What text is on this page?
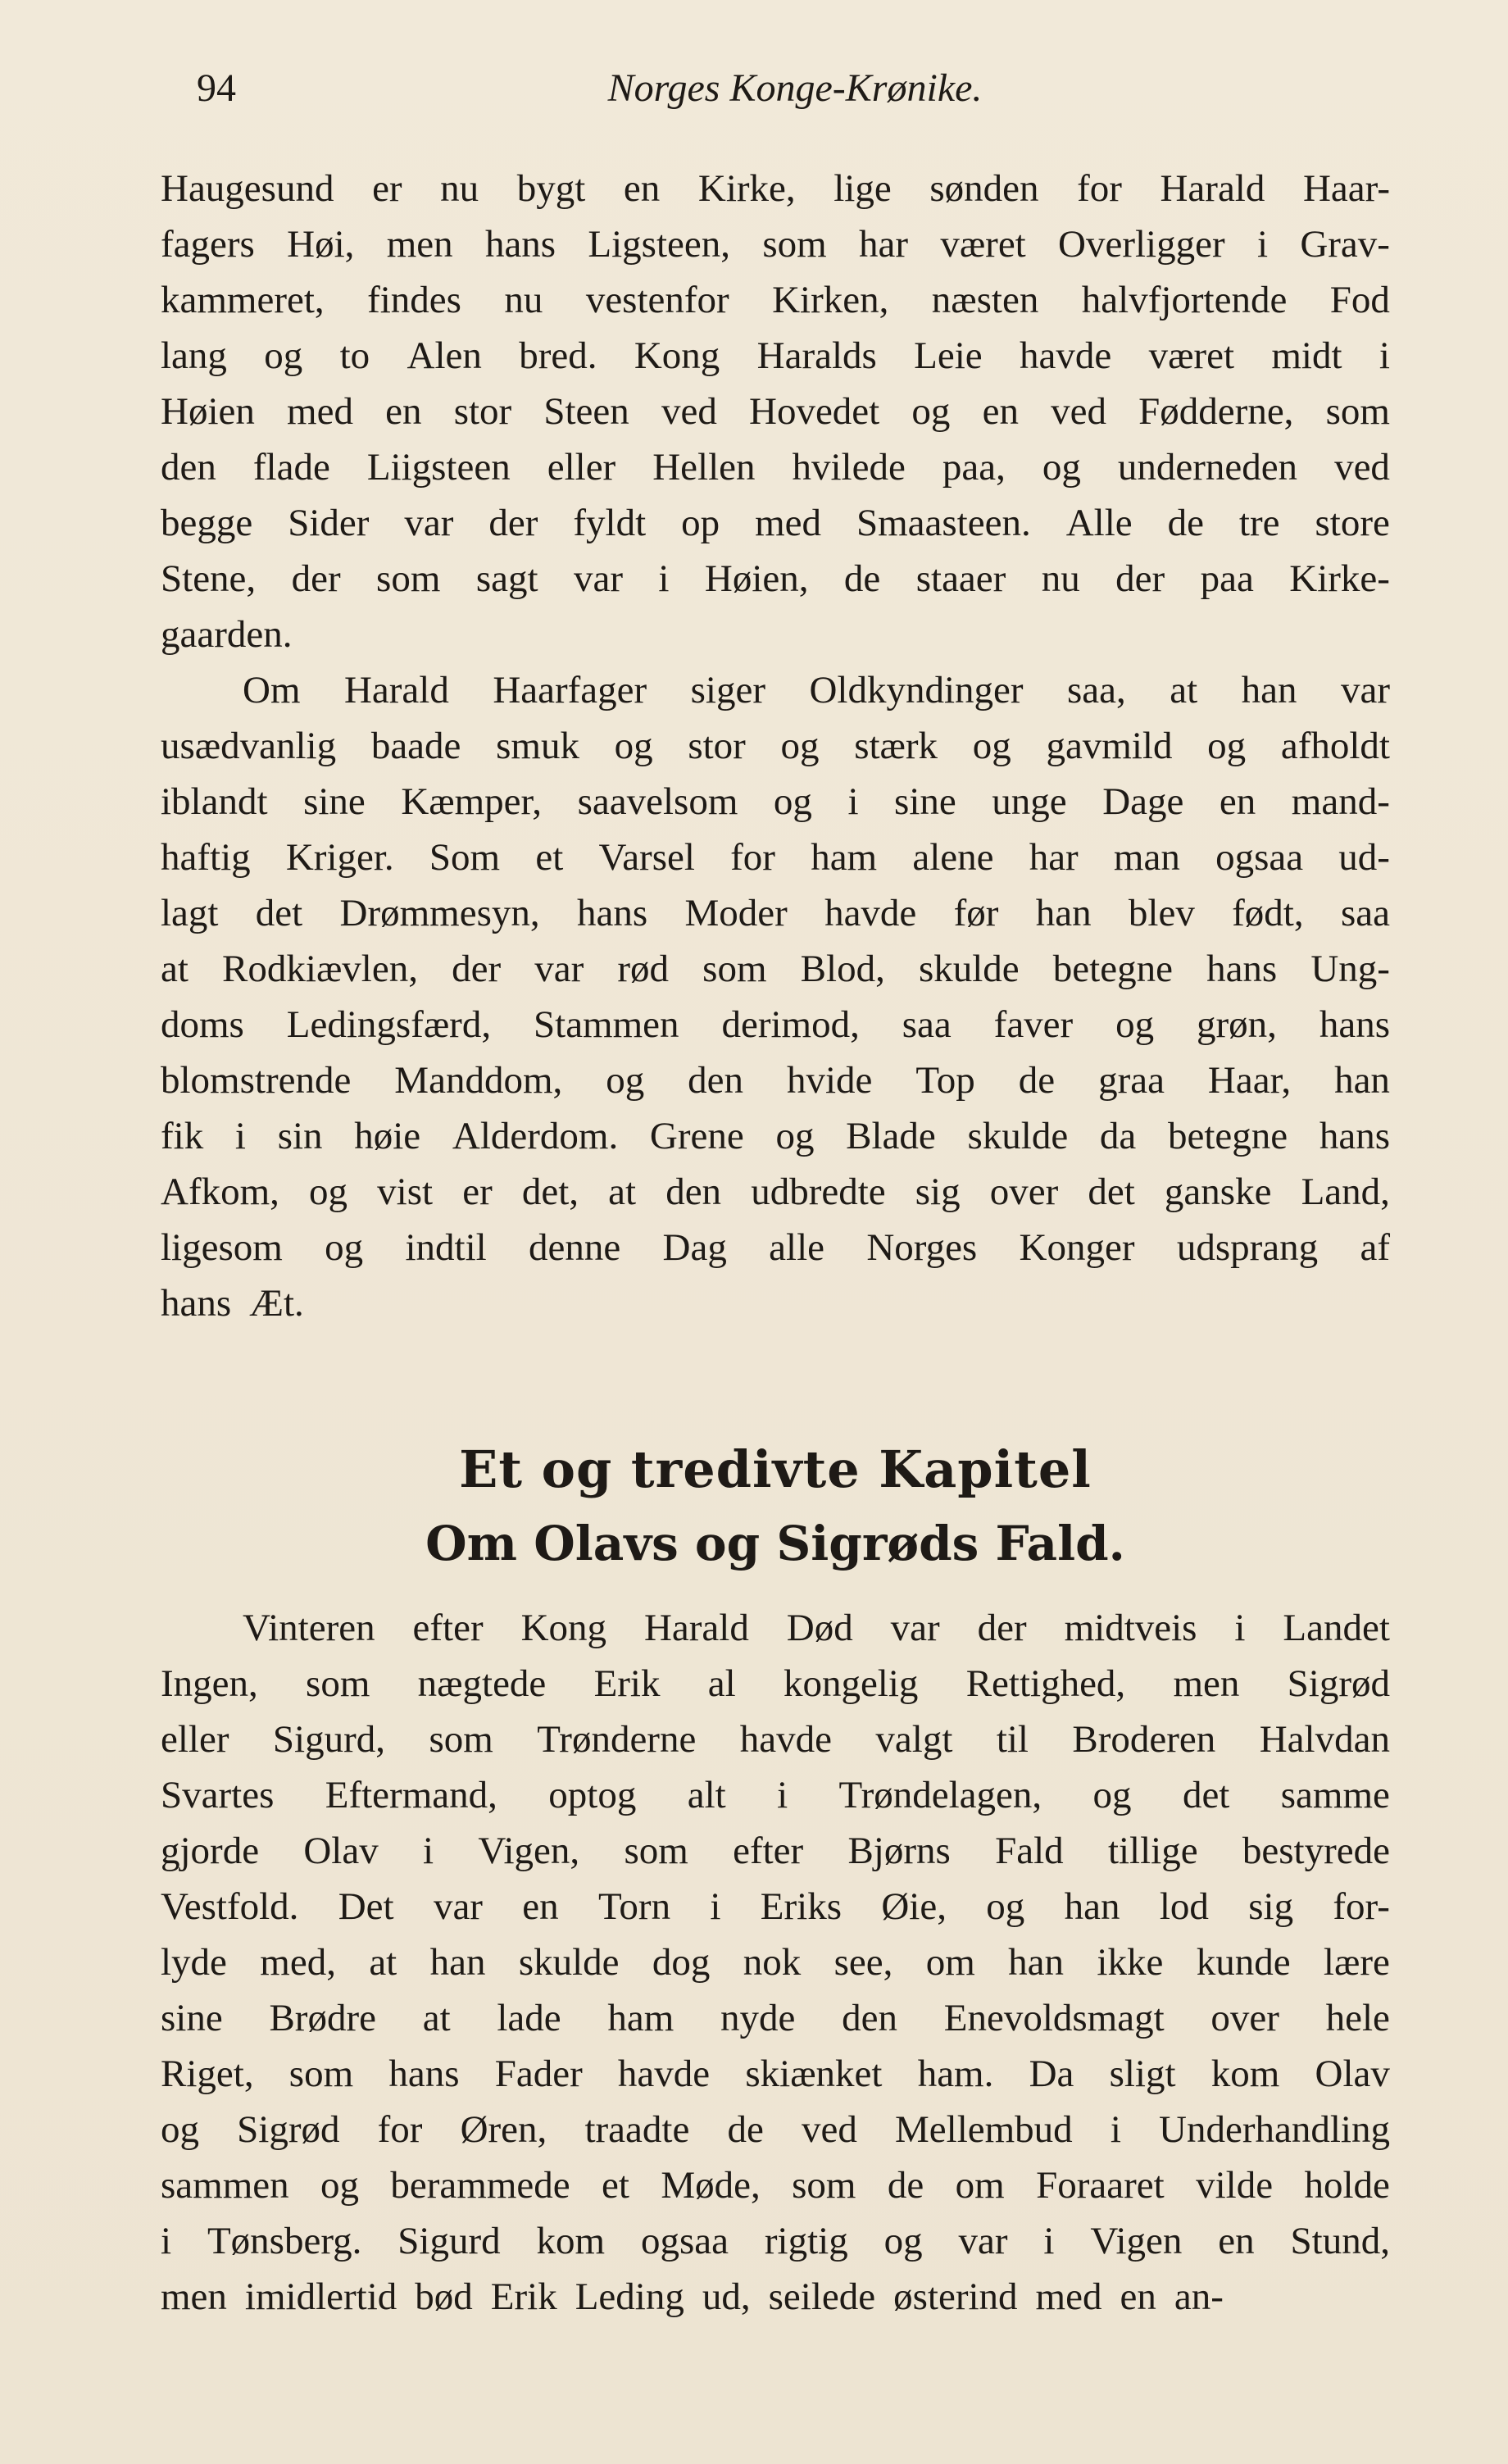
94	Norges Konge-Krønike.
Haugesund er nu bygt en Kirke, lige sønden for Harald Haar-
fagers Høi, men hans Ligsteen, som har været Overligger i Grav-
kammeret, findes nu vestenfor Kirken, næsten halvfjortende Fod
lang og to Alen bred. Kong Haralds Leie havde været midt i
Høien med en stor Steen ved Hovedet og en ved Fødderne, som
den flade Liigsteen eller Hellen hvilede paa, og underneden ved
begge Sider var der fyldt op med Smaasteen. Alle de tre store
Stene, der som sagt var i Høien, de staaer nu der paa Kirke-
gaarden.
Om Harald Haarfager siger Oldkyndinger saa, at han var
usædvanlig baade smuk og stor og stærk og gavmild og afholdt
iblandt sine Kæmper, saavelsom og i sine unge Dage en mand-
haftig Kriger. Som et Varsel for ham alene har man ogsaa ud-
lagt det Drømmesyn, hans Moder havde før han blev født, saa
at Rodkiævlen, der var rød som Blod, skulde betegne hans Ung-
doms Ledingsfærd, Stammen derimod, saa faver og grøn, hans
blomstrende Manddom, og den hvide Top de graa Haar, han
fik i sin høie Alderdom. Grene og Blade skulde da betegne hans
Afkom, og vist er det, at den udbredte sig over det ganske Land,
ligesom og indtil denne Dag alle Norges Konger udsprang af
hans Æt.
Et og tredivte Kapitel
Om Olavs og Sigrøds Fald.
Vinteren efter Kong Harald Død var der midtveis i Landet
Ingen, som nægtede Erik al kongelig Rettighed, men Sigrød
eller Sigurd, som Trønderne havde valgt til Broderen Halvdan
Svartes Eftermand, optog alt i Trøndelagen, og det samme
gjorde Olav i Vigen, som efter Bjørns Fald tillige bestyrede
Vestfold. Det var en Torn i Eriks Øie, og han lod sig for-
lyde med, at han skulde dog nok see, om han ikke kunde lære
sine Brødre at lade ham nyde den Enevoldsmagt over hele
Riget, som hans Fader havde skiænket ham. Da sligt kom Olav
og Sigrød for Øren, traadte de ved Mellembud i Underhandling
sammen og berammede et Møde, som de om Foraaret vilde holde
i Tønsberg. Sigurd kom ogsaa rigtig og var i Vigen en Stund,
men imidlertid bød Erik Leding ud, seilede østerind med en an-
